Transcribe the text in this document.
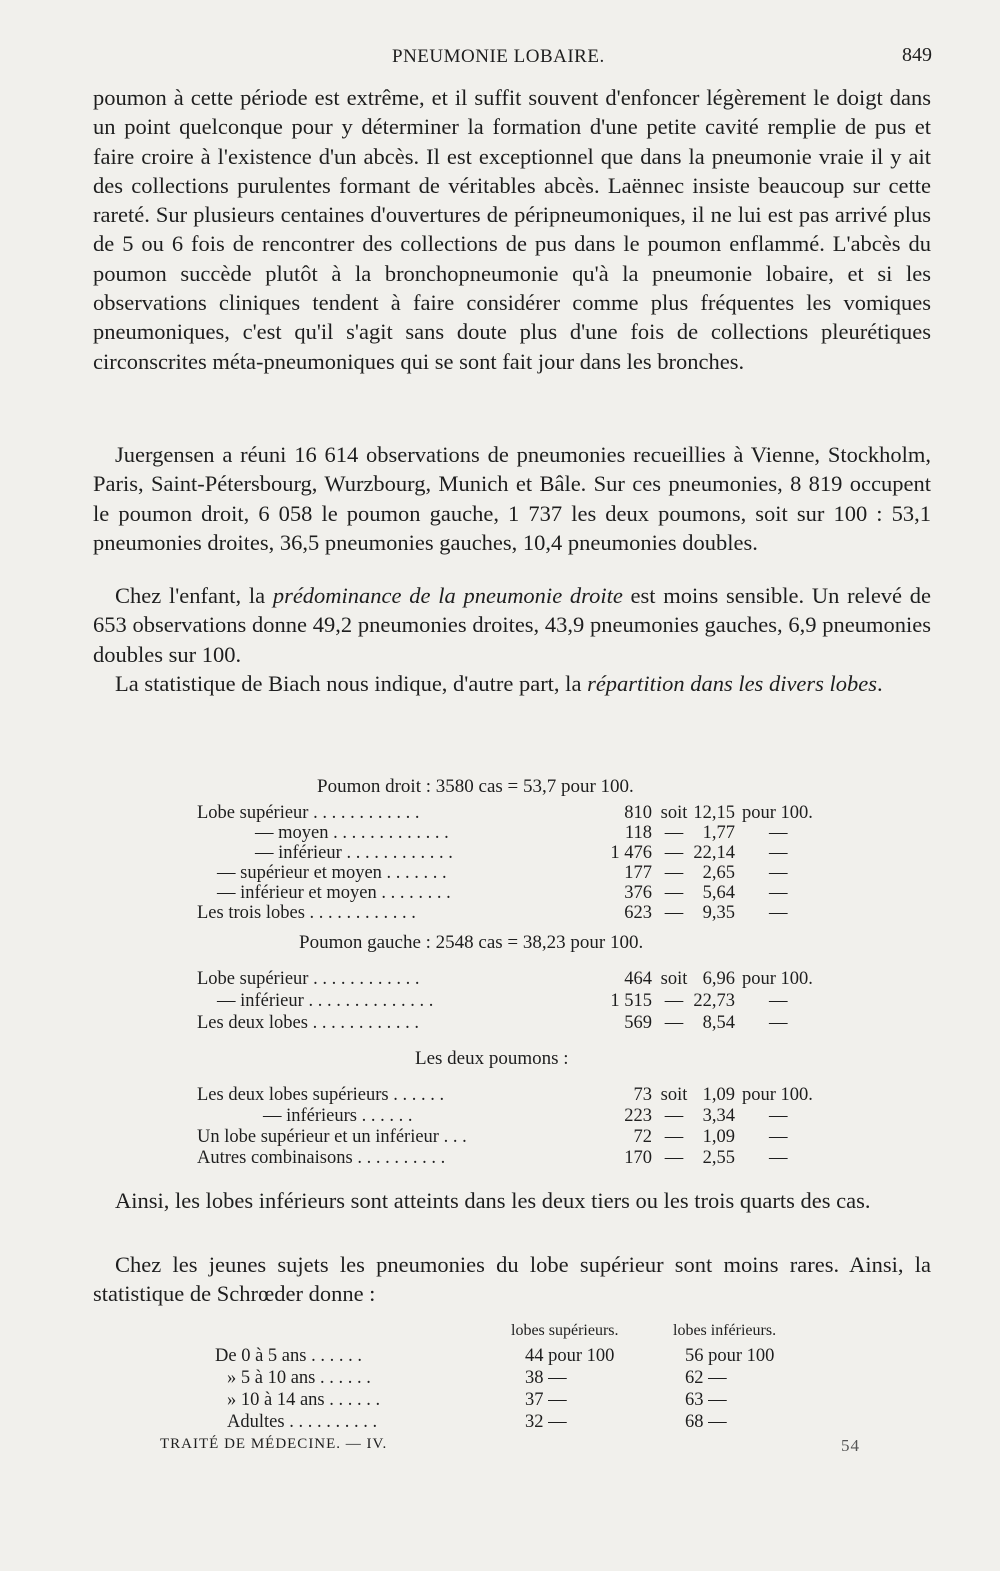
PNEUMONIE LOBAIRE.	849

poumon à cette période est extrême, et il suffit souvent d'enfoncer légèrement le doigt dans un point quelconque pour y déterminer la formation d'une petite cavité remplie de pus et faire croire à l'existence d'un abcès. Il est exceptionnel que dans la pneumonie vraie il y ait des collections purulentes formant de véritables abcès. Laënnec insiste beaucoup sur cette rareté. Sur plusieurs centaines d'ouvertures de péripneumoniques, il ne lui est pas arrivé plus de 5 ou 6 fois de rencontrer des collections de pus dans le poumon enflammé. L'abcès du poumon succède plutôt à la bronchopneumonie qu'à la pneumonie lobaire, et si les observations cliniques tendent à faire considérer comme plus fréquentes les vomiques pneumoniques, c'est qu'il s'agit sans doute plus d'une fois de collections pleurétiques circonscrites méta-pneumoniques qui se sont fait jour dans les bronches.

Juergensen a réuni 16 614 observations de pneumonies recueillies à Vienne, Stockholm, Paris, Saint-Pétersbourg, Wurzbourg, Munich et Bâle. Sur ces pneumonies, 8 819 occupent le poumon droit, 6 058 le poumon gauche, 1 737 les deux poumons, soit sur 100 : 53,1 pneumonies droites, 36,5 pneumonies gauches, 10,4 pneumonies doubles.

Chez l'enfant, la prédominance de la pneumonie droite est moins sensible. Un relevé de 653 observations donne 49,2 pneumonies droites, 43,9 pneumonies gauches, 6,9 pneumonies doubles sur 100.

La statistique de Biach nous indique, d'autre part, la répartition dans les divers lobes.

Poumon droit : 3580 cas = 53,7 pour 100.
Lobe supérieur . . . . . . . . . . . .	810 soit 12,15 pour 100.
— moyen . . . . . . . . . . . . .	118 —	1,77 —
— inférieur . . . . . . . . . . . .	1 476 — 22,14 —
— supérieur et moyen . . . . . . .	177 —	2,65 —
— inférieur et moyen . . . . . . . .	376 —	5,64 —
Les trois lobes . . . . . . . . . . . .	623 —	9,35 —
Poumon gauche : 2548 cas = 38,23 pour 100.
Lobe supérieur . . . . . . . . . . . .	464 soit 6,96 pour 100.
— inférieur . . . . . . . . . . . . . .	1 515 — 22,73 —
Les deux lobes . . . . . . . . . . . .	569 —	8,54 —
Les deux poumons :
Les deux lobes supérieurs . . . . . .	73 soit 1,09 pour 100.
— inférieurs . . . . . .	223 —	3,34 —
Un lobe supérieur et un inférieur . . .	72 —	1,09 —
Autres combinaisons . . . . . . . . . .	170 —	2,55 —

Ainsi, les lobes inférieurs sont atteints dans les deux tiers ou les trois quarts des cas.

Chez les jeunes sujets les pneumonies du lobe supérieur sont moins rares. Ainsi, la statistique de Schrœder donne :

lobes supérieurs.	lobes inférieurs.
De 0 à 5 ans . . . . . .	44 pour 100	56 pour 100
» 5 à 10 ans . . . . . .	38 —	62 —
» 10 à 14 ans . . . . . .	37 —	63 —
Adultes . . . . . . . . . .	32 —	68 —
TRAITÉ DE MÉDECINE. — IV.	54
